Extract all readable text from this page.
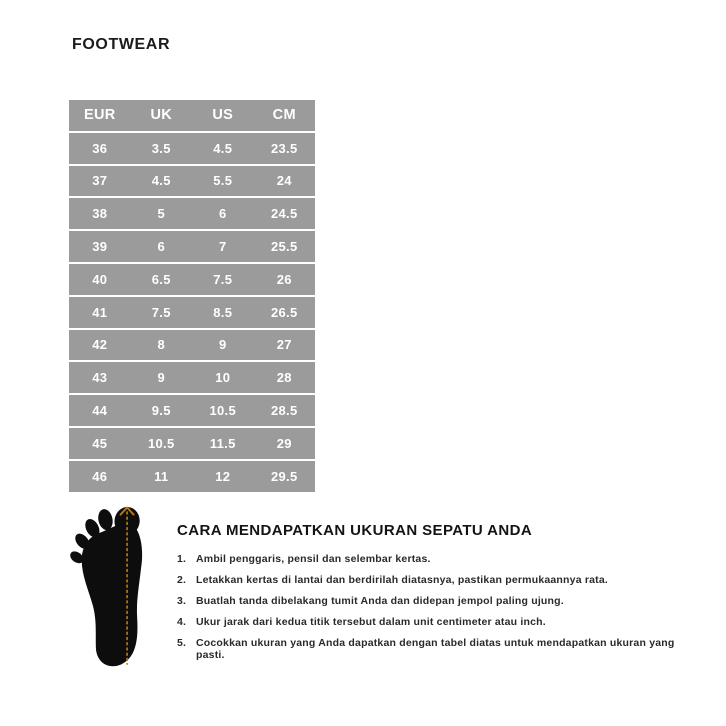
FOOTWEAR
EUR	UK	US	CM
36	3.5	4.5	23.5
37	4.5	5.5	24
38	5	6	24.5
39	6	7	25.5
40	6.5	7.5	26
41	7.5	8.5	26.5
42	8	9	27
43	9	10	28
44	9.5	10.5	28.5
45	10.5	11.5	29
46	11	12	29.5
CARA MENDAPATKAN UKURAN SEPATU ANDA
1. Ambil penggaris, pensil dan selembar kertas.
2. Letakkan kertas di lantai dan berdirilah diatasnya, pastikan permukaannya rata.
3. Buatlah tanda dibelakang tumit Anda dan didepan jempol paling ujung.
4. Ukur jarak dari kedua titik tersebut dalam unit centimeter atau inch.
5. Cocokkan ukuran yang Anda dapatkan dengan tabel diatas untuk mendapatkan ukuran yang pasti.
